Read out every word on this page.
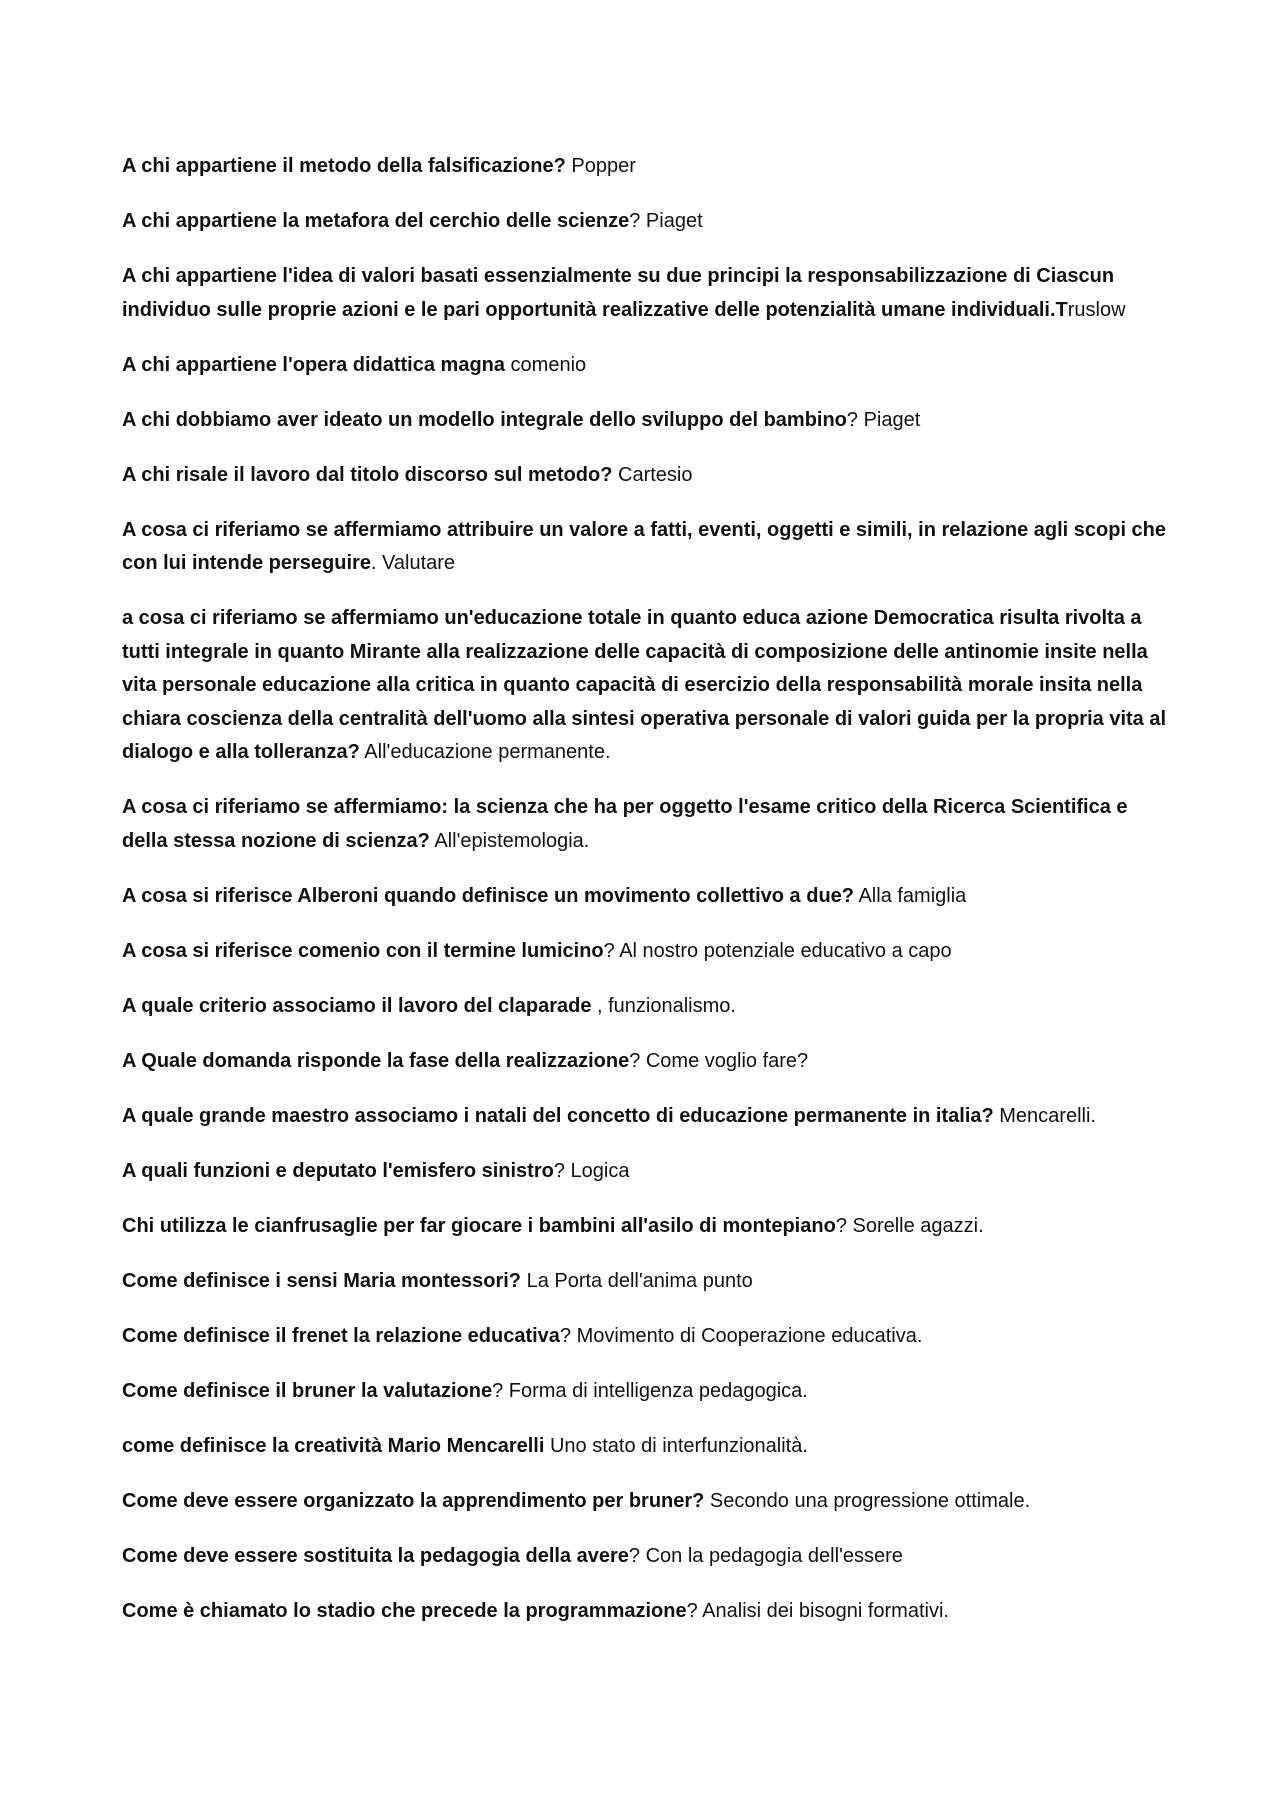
A chi appartiene il metodo della falsificazione? Popper

A chi appartiene la metafora del cerchio delle scienze? Piaget

A chi appartiene l'idea di valori basati essenzialmente su due principi la responsabilizzazione di Ciascun individuo sulle proprie azioni e le pari opportunità realizzative delle potenzialità umane individuali.Truslow

A chi appartiene l'opera didattica magna comenio

A chi dobbiamo aver ideato un modello integrale dello sviluppo del bambino? Piaget

A chi risale il lavoro dal titolo discorso sul metodo? Cartesio

A cosa ci riferiamo se affermiamo attribuire un valore a fatti, eventi, oggetti e simili, in relazione agli scopi che con lui intende perseguire. Valutare

a cosa ci riferiamo se affermiamo un'educazione totale in quanto educa azione Democratica risulta rivolta a tutti integrale in quanto Mirante alla realizzazione delle capacità di composizione delle antinomie insite nella vita personale educazione alla critica in quanto capacità di esercizio della responsabilità morale insita nella chiara coscienza della centralità dell'uomo alla sintesi operativa personale di valori guida per la propria vita al dialogo e alla tolleranza? All'educazione permanente.

A cosa ci riferiamo se affermiamo: la scienza che ha per oggetto l'esame critico della Ricerca Scientifica e della stessa nozione di scienza? All'epistemologia.

A cosa si riferisce Alberoni quando definisce un movimento collettivo a due? Alla famiglia

A cosa si riferisce comenio con il termine lumicino? Al nostro potenziale educativo a capo

A quale criterio associamo il lavoro del claparade , funzionalismo.

A Quale domanda risponde la fase della realizzazione? Come voglio fare?

A quale grande maestro associamo i natali del concetto di educazione permanente in italia? Mencarelli.

A quali funzioni e deputato l'emisfero sinistro? Logica

Chi utilizza le cianfrusaglie per far giocare i bambini all'asilo di montepiano? Sorelle agazzi.

Come definisce i sensi Maria montessori? La Porta dell'anima punto

Come definisce il frenet la relazione educativa? Movimento di Cooperazione educativa.

Come definisce il bruner la valutazione? Forma di intelligenza pedagogica.

come definisce la creatività Mario Mencarelli Uno stato di interfunzionalità.

Come deve essere organizzato la apprendimento per bruner? Secondo una progressione ottimale.

Come deve essere sostituita la pedagogia della avere? Con la pedagogia dell'essere

Come è chiamato lo stadio che precede la programmazione? Analisi dei bisogni formativi.
